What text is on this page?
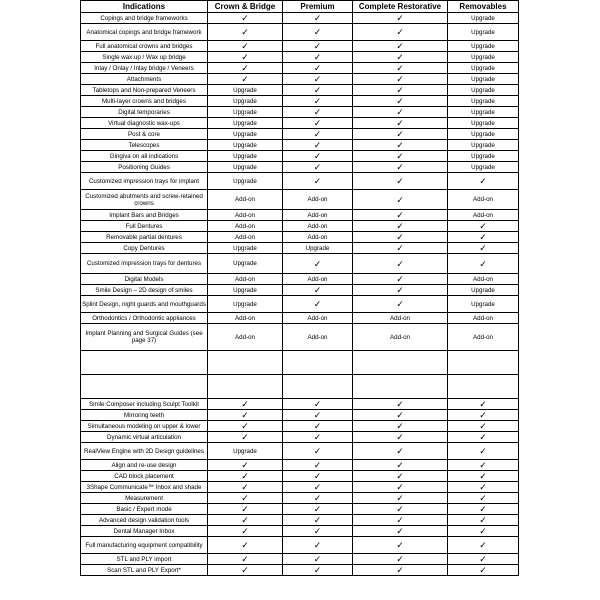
Indications	Crown & Bridge	Premium	Complete Restorative	Removables
Copings and bridge frameworks	✓	✓	✓	Upgrade
Anatomical copings and bridge framework	✓	✓	✓	Upgrade
Full anatomical crowns and bridges	✓	✓	✓	Upgrade
Single wax up / Wax up bridge	✓	✓	✓	Upgrade
Inlay / Onlay / Inlay bridge / Veneers	✓	✓	✓	Upgrade
Attachments	✓	✓	✓	Upgrade
Tabletops and Non-prepared Veneers	Upgrade	✓	✓	Upgrade
Multi-layer crowns and bridges	Upgrade	✓	✓	Upgrade
Digital temporaries	Upgrade	✓	✓	Upgrade
Virtual diagnostic wax-ups	Upgrade	✓	✓	Upgrade
Post & core	Upgrade	✓	✓	Upgrade
Telescopes	Upgrade	✓	✓	Upgrade
Gingiva on all indications	Upgrade	✓	✓	Upgrade
Positioning Guides	Upgrade	✓	✓	Upgrade
Customized impression trays for implant	Upgrade	✓	✓	✓
Customized abutments and screw-retained crowns	Add-on	Add-on	✓	Add-on
Implant Bars and Bridges	Add-on	Add-on	✓	Add-on
Full Dentures	Add-on	Add-on	✓	✓
Removable partial dentures	Add-on	Add-on	✓	✓
Copy Dentures	Upgrade	Upgrade	✓	✓
Customized impression trays for dentures	Upgrade	✓	✓	✓
Digital Models	Add-on	Add-on	✓	Add-on
Smile Design – 2D design of smiles	Upgrade	✓	✓	Upgrade
Splint Design, night guards and mouthguards	Upgrade	✓	✓	Upgrade
Orthodontics / Orthodontic appliances	Add-on	Add-on	Add-on	Add-on
Implant Planning and Surgical Guides (see page 37)	Add-on	Add-on	Add-on	Add-on

Smile Composer including Sculpt Toolkit	✓	✓	✓	✓
Mirroring teeth	✓	✓	✓	✓
Simultaneous modeling on upper & lower	✓	✓	✓	✓
Dynamic virtual articulation	✓	✓	✓	✓
RealView Engine with 2D Design guidelines	Upgrade	✓	✓	✓
Align and re-use design	✓	✓	✓	✓
CAD block placement	✓	✓	✓	✓
3Shape Communicate™ Inbox and shade	✓	✓	✓	✓
Measurement	✓	✓	✓	✓
Basic / Expert mode	✓	✓	✓	✓
Advanced design validation tools	✓	✓	✓	✓
Dental Manager Inbox	✓	✓	✓	✓
Full manufacturing equipment compatibility	✓	✓	✓	✓
STL and PLY import	✓	✓	✓	✓
Scan STL and PLY Export*	✓	✓	✓	✓
